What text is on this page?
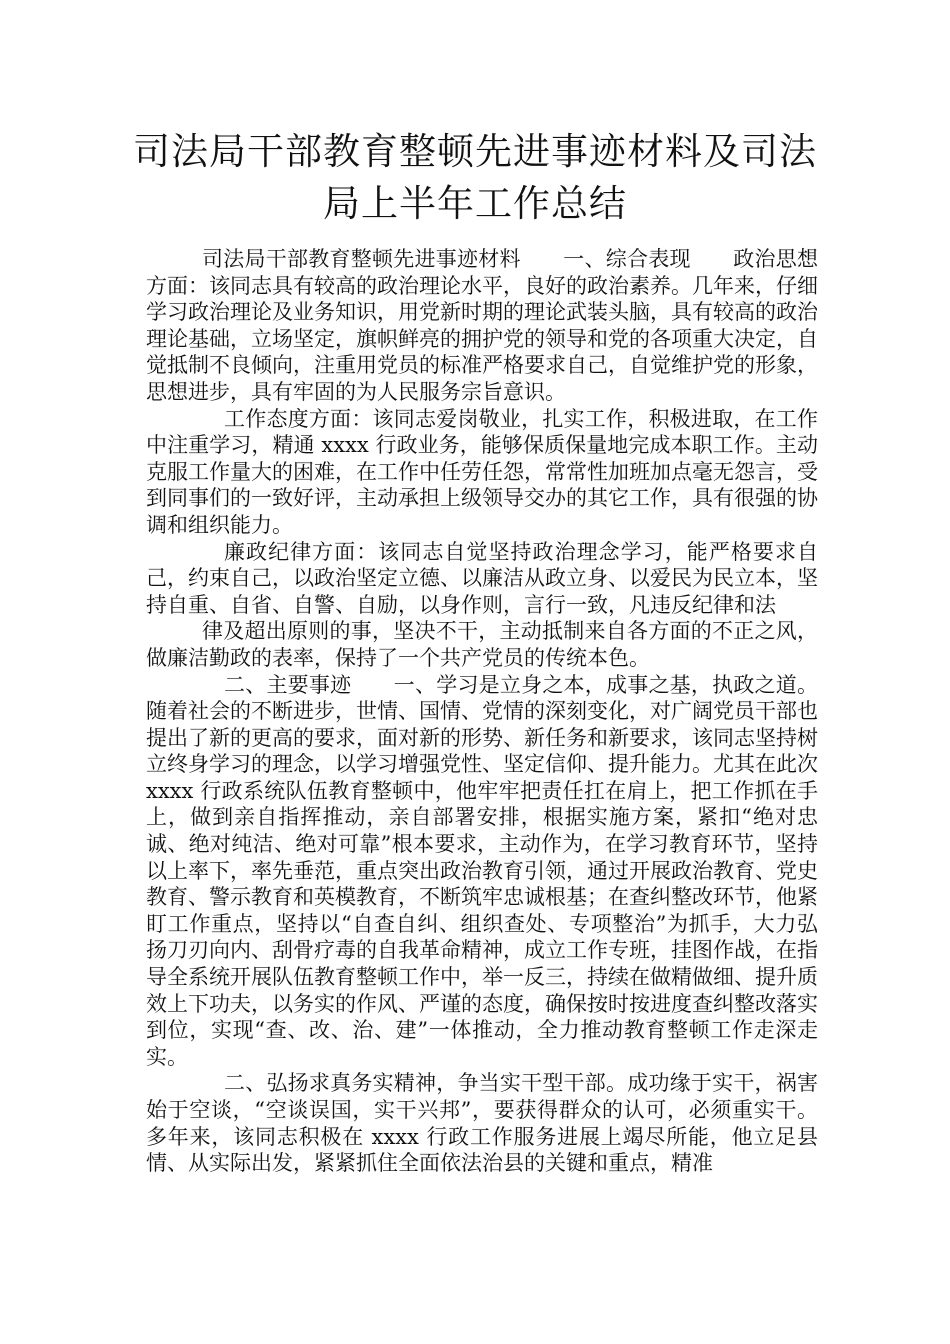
司法局干部教育整顿先进事迹材料及司法
局上半年工作总结

司法局干部教育整顿先进事迹材料　　一、综合表现　　政治思想方面：该同志具有较高的政治理论水平，良好的政治素养。几年来，仔细学习政治理论及业务知识，用党新时期的理论武装头脑，具有较高的政治理论基础，立场坚定，旗帜鲜亮的拥护党的领导和党的各项重大决定，自觉抵制不良倾向，注重用党员的标准严格要求自己，自觉维护党的形象，思想进步，具有牢固的为人民服务宗旨意识。

工作态度方面：该同志爱岗敬业，扎实工作，积极进取，在工作中注重学习，精通 xxxx 行政业务，能够保质保量地完成本职工作。主动克服工作量大的困难，在工作中任劳任怨，常常性加班加点毫无怨言，受到同事们的一致好评，主动承担上级领导交办的其它工作，具有很强的协调和组织能力。

廉政纪律方面：该同志自觉坚持政治理念学习，能严格要求自己，约束自己，以政治坚定立德、以廉洁从政立身、以爱民为民立本，坚持自重、自省、自警、自励，以身作则，言行一致，凡违反纪律和法

律及超出原则的事，坚决不干，主动抵制来自各方面的不正之风，做廉洁勤政的表率，保持了一个共产党员的传统本色。

二、主要事迹　　一、学习是立身之本，成事之基，执政之道。随着社会的不断进步，世情、国情、党情的深刻变化，对广阔党员干部也提出了新的更高的要求，面对新的形势、新任务和新要求，该同志坚持树立终身学习的理念，以学习增强党性、坚定信仰、提升能力。尤其在此次 xxxx 行政系统队伍教育整顿中，他牢牢把责任扛在肩上，把工作抓在手上，做到亲自指挥推动，亲自部署安排，根据实施方案，紧扣“绝对忠诚、绝对纯洁、绝对可靠”根本要求，主动作为，在学习教育环节，坚持以上率下，率先垂范，重点突出政治教育引领，通过开展政治教育、党史教育、警示教育和英模教育，不断筑牢忠诚根基；在查纠整改环节，他紧盯工作重点，坚持以“自查自纠、组织查处、专项整治”为抓手，大力弘扬刀刃向内、刮骨疗毒的自我革命精神，成立工作专班，挂图作战，在指导全系统开展队伍教育整顿工作中，举一反三，持续在做精做细、提升质效上下功夫，以务实的作风、严谨的态度，确保按时按进度查纠整改落实到位，实现“查、改、治、建”一体推动，全力推动教育整顿工作走深走实。

二、弘扬求真务实精神，争当实干型干部。成功缘于实干，祸害始于空谈，“空谈误国，实干兴邦”，要获得群众的认可，必须重实干。多年来，该同志积极在 xxxx 行政工作服务进展上竭尽所能，他立足县情、从实际出发，紧紧抓住全面依法治县的关键和重点，精准
